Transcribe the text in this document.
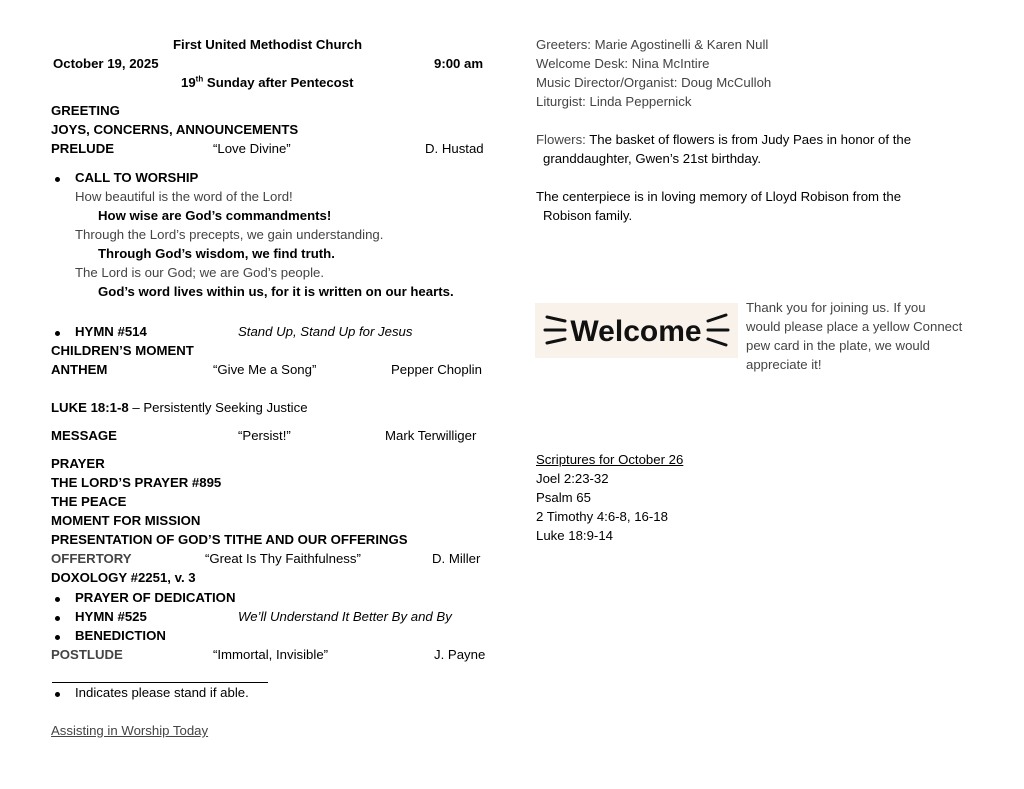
First United Methodist Church
October 19, 2025	9:00 am
19th Sunday after Pentecost
GREETING
JOYS, CONCERNS, ANNOUNCEMENTS
PRELUDE	“Love Divine”	D. Hustad
CALL TO WORSHIP
How beautiful is the word of the Lord!
How wise are God’s commandments!
Through the Lord’s precepts, we gain understanding.
Through God’s wisdom, we find truth.
The Lord is our God; we are God’s people.
God’s word lives within us, for it is written on our hearts.
HYMN #514	Stand Up, Stand Up for Jesus
CHILDREN’S MOMENT
ANTHEM	“Give Me a Song”	Pepper Choplin
LUKE 18:1-8 – Persistently Seeking Justice
MESSAGE	“Persist!”	Mark Terwilliger
PRAYER
THE LORD’S PRAYER #895
THE PEACE
MOMENT FOR MISSION
PRESENTATION OF GOD’S TITHE AND OUR OFFERINGS
OFFERTORY	“Great Is Thy Faithfulness”	D. Miller
DOXOLOGY #2251, v. 3
PRAYER OF DEDICATION
HYMN #525	We’ll Understand It Better By and By
BENEDICTION
POSTLUDE	“Immortal, Invisible”	J. Payne
Indicates please stand if able.
Assisting in Worship Today
Greeters: Marie Agostinelli & Karen Null
Welcome Desk: Nina McIntire
Music Director/Organist: Doug McCulloh
Liturgist: Linda Peppernick
Flowers: The basket of flowers is from Judy Paes in honor of the
granddaughter, Gwen’s 21st birthday.
The centerpiece is in loving memory of Lloyd Robison from the
Robison family.
Welcome
Thank you for joining us. If you
would please place a yellow Connect
pew card in the plate, we would
appreciate it!
Scriptures for October 26
Joel 2:23-32
Psalm 65
2 Timothy 4:6-8, 16-18
Luke 18:9-14
